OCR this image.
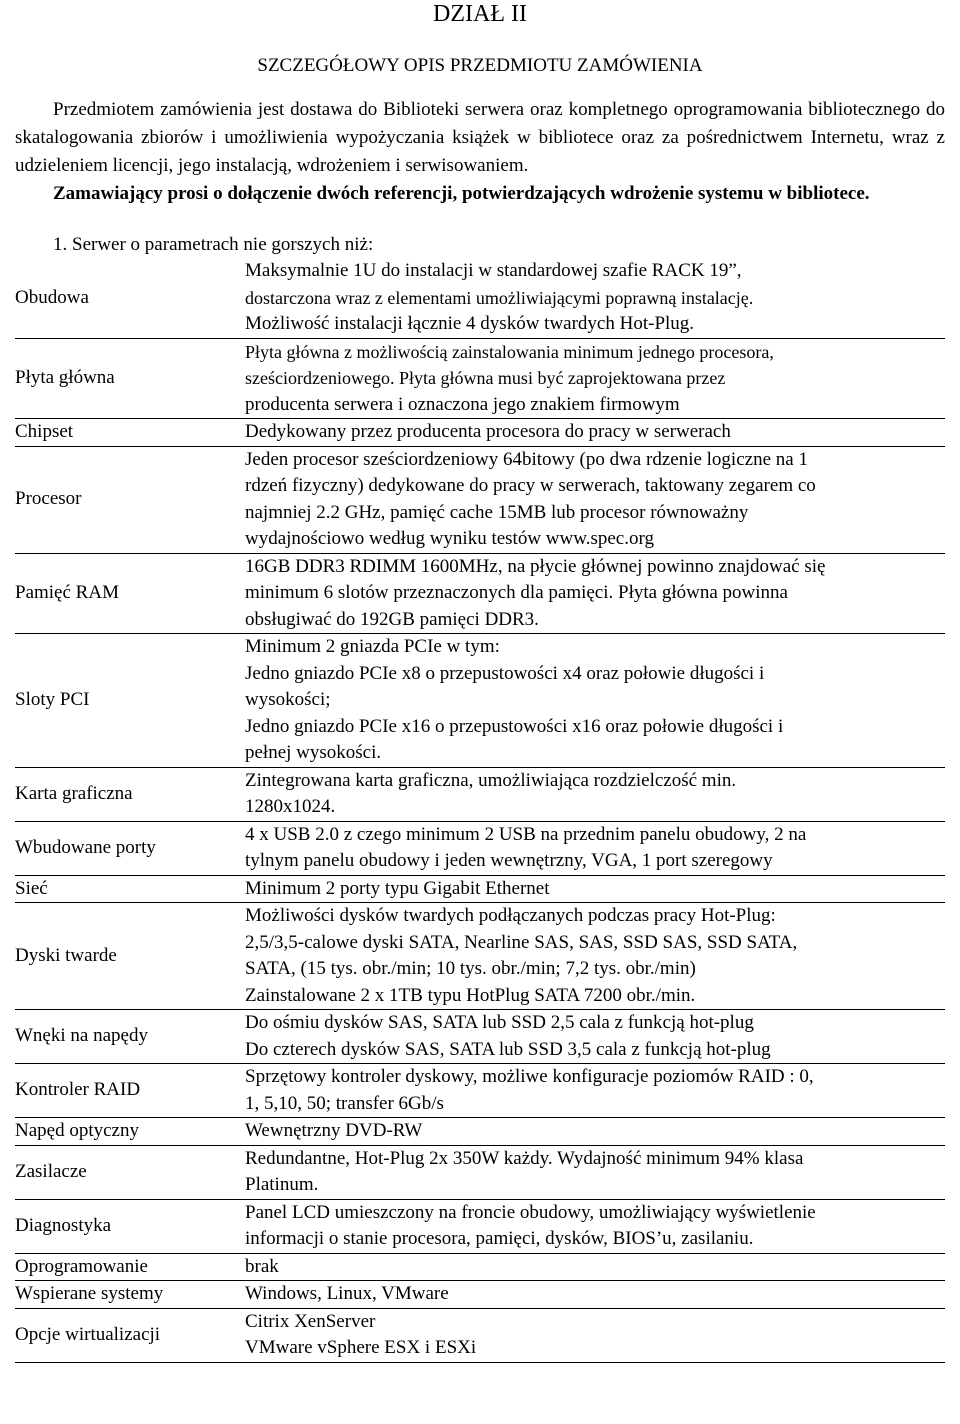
DZIAŁ II
SZCZEGÓŁOWY OPIS PRZEDMIOTU ZAMÓWIENIA

Przedmiotem zamówienia jest dostawa do Biblioteki serwera oraz kompletnego oprogramowania bibliotecznego do skatalogowania zbiorów i umożliwienia wypożyczania książek w bibliotece oraz za pośrednictwem Internetu, wraz z udzieleniem licencji, jego instalacją, wdrożeniem i serwisowaniem.

Zamawiający prosi o dołączenie dwóch referencji, potwierdzających wdrożenie systemu w bibliotece.

1. Serwer o parametrach nie gorszych niż:

Obudowa	Maksymalnie 1U do instalacji w standardowej szafie RACK 19”,
dostarczona wraz z elementami umożliwiającymi poprawną instalację.
Możliwość instalacji łącznie 4 dysków twardych Hot-Plug.

Płyta główna	Płyta główna z możliwością zainstalowania minimum jednego procesora,
sześciordzeniowego. Płyta główna musi być zaprojektowana przez
producenta serwera i oznaczona jego znakiem firmowym

Chipset	Dedykowany przez producenta procesora do pracy w serwerach

Procesor	Jeden procesor sześciordzeniowy 64bitowy (po dwa rdzenie logiczne na 1
rdzeń fizyczny) dedykowane do pracy w serwerach, taktowany zegarem co
najmniej 2.2 GHz, pamięć cache 15MB lub procesor równoważny
wydajnościowo według wyniku testów www.spec.org

Pamięć RAM	16GB DDR3 RDIMM 1600MHz, na płycie głównej powinno znajdować się
minimum 6 slotów przeznaczonych dla pamięci. Płyta główna powinna
obsługiwać do 192GB pamięci DDR3.

Sloty PCI	Minimum 2 gniazda PCIe w tym:
Jedno gniazdo PCIe x8 o przepustowości x4 oraz połowie długości i
wysokości;
Jedno gniazdo PCIe x16 o przepustowości x16 oraz połowie długości i
pełnej wysokości.

Karta graficzna	Zintegrowana karta graficzna, umożliwiająca rozdzielczość min.
1280x1024.

Wbudowane porty	4 x USB 2.0 z czego minimum 2 USB na przednim panelu obudowy, 2 na
tylnym panelu obudowy i jeden wewnętrzny, VGA, 1 port szeregowy

Sieć	Minimum 2 porty typu Gigabit Ethernet

Dyski twarde	Możliwości dysków twardych podłączanych podczas pracy Hot-Plug:
2,5/3,5-calowe dyski SATA, Nearline SAS, SAS, SSD SAS, SSD SATA,
SATA, (15 tys. obr./min; 10 tys. obr./min; 7,2 tys. obr./min)
Zainstalowane 2 x 1TB typu HotPlug SATA 7200 obr./min.

Wnęki na napędy	Do ośmiu dysków SAS, SATA lub SSD 2,5 cala z funkcją hot-plug
Do czterech dysków SAS, SATA lub SSD 3,5 cala z funkcją hot-plug

Kontroler RAID	Sprzętowy kontroler dyskowy, możliwe konfiguracje poziomów RAID : 0,
1, 5,10, 50; transfer 6Gb/s

Napęd optyczny	Wewnętrzny DVD-RW

Zasilacze	Redundantne, Hot-Plug 2x 350W każdy. Wydajność minimum 94% klasa
Platinum.

Diagnostyka	Panel LCD umieszczony na froncie obudowy, umożliwiający wyświetlenie
informacji o stanie procesora, pamięci, dysków, BIOS’u, zasilaniu.

Oprogramowanie	brak

Wspierane systemy	Windows, Linux, VMware

Opcje wirtualizacji	Citrix XenServer
VMware vSphere ESX i ESXi
